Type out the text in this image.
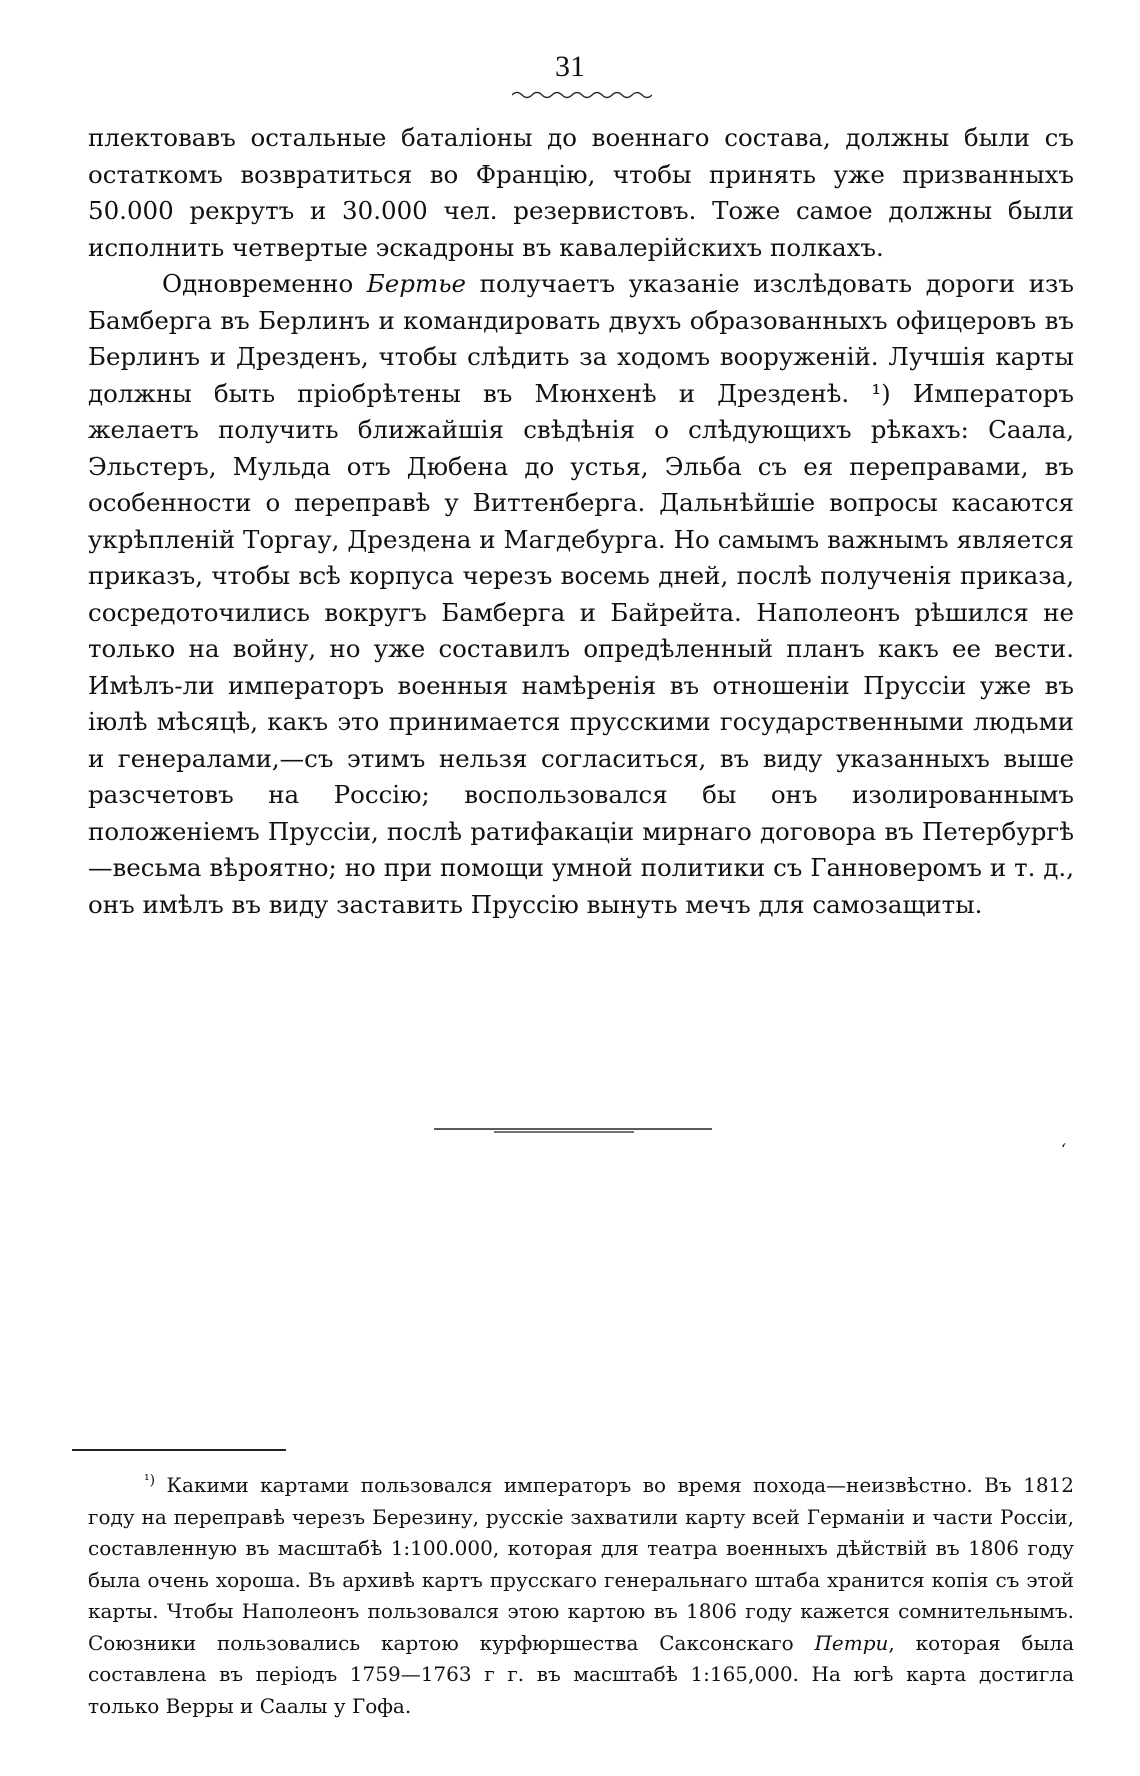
31

плектовавъ остальные баталіоны до военнаго состава, должны были съ остаткомъ возвратиться во Францію, чтобы принять уже призванныхъ 50.000 рекрутъ и 30.000 чел. резервистовъ. Тоже самое должны были исполнить четвертые эскадроны въ кавалерійскихъ полкахъ.

Одновременно Бертье получаетъ указаніе изслѣдовать дороги изъ Бамберга въ Берлинъ и командировать двухъ образованныхъ офицеровъ въ Берлинъ и Дрезденъ, чтобы слѣдить за ходомъ вооруженій. Лучшія карты должны быть пріобрѣтены въ Мюнхенѣ и Дрезденѣ. ¹) Императоръ желаетъ получить ближайшія свѣдѣнія о слѣдующихъ рѣкахъ: Саала, Эльстеръ, Мульда отъ Дюбена до устья, Эльба съ ея переправами, въ особенности о переправѣ у Виттенберга. Дальнѣйшіе вопросы касаются укрѣпленій Торгау, Дрездена и Магдебурга. Но самымъ важнымъ является приказъ, чтобы всѣ корпуса черезъ восемь дней, послѣ полученія приказа, сосредоточились вокругъ Бамберга и Байрейта. Наполеонъ рѣшился не только на войну, но уже составилъ опредѣленный планъ какъ ее вести. Имѣлъ-ли императоръ военныя намѣренія въ отношеніи Пруссіи уже въ іюлѣ мѣсяцѣ, какъ это принимается прусскими государственными людьми и генералами,—съ этимъ нельзя согласиться, въ виду указанныхъ выше разсчетовъ на Россію; воспользовался бы онъ изолированнымъ положеніемъ Пруссіи, послѣ ратифакаціи мирнаго договора въ Петербургѣ—весьма вѣроятно; но при помощи умной политики съ Ганноверомъ и т. д., онъ имѣлъ въ виду заставить Пруссію вынуть мечъ для самозащиты.

ʻ

$^{^1)}$ Какими картами пользовался императоръ во время похода—неизвѣстно. Въ 1812 году на переправѣ черезъ Березину, русскіе захватили карту всей Германіи и части Россіи, составленную въ масштабѣ 1:100.000, которая для театра военныхъ дѣйствій въ 1806 году была очень хороша. Въ архивѣ картъ прусскаго генеральнаго штаба хранится копія съ этой карты. Чтобы Наполеонъ пользовался этою картою въ 1806 году кажется сомнительнымъ. Союзники пользовались картою курфюршества Саксонскаго Петри, которая была составлена въ періодъ 1759—1763 г г. въ масштабѣ 1:165,000. На югѣ карта достигла только Верры и Саалы у Гофа.
